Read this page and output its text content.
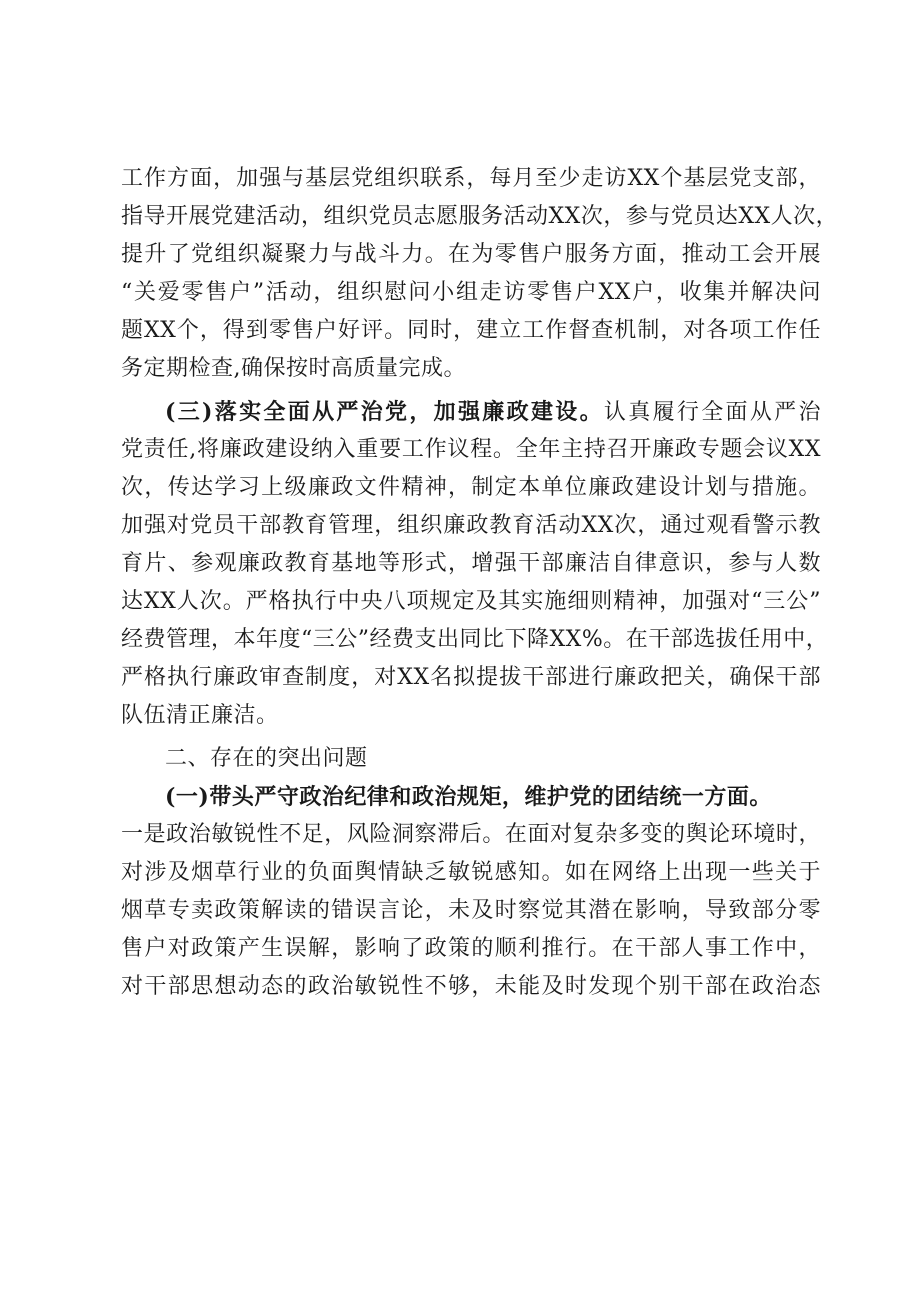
工作方面，加强与基层党组织联系，每月至少走访XX个基层党支部，
指导开展党建活动，组织党员志愿服务活动XX次，参与党员达XX人次，
提升了党组织凝聚力与战斗力。在为零售户服务方面，推动工会开展
“关爱零售户”活动，组织慰问小组走访零售户XX户，收集并解决问
题XX个，得到零售户好评。同时，建立工作督查机制，对各项工作任
务定期检查,确保按时高质量完成。
(三)落实全面从严治党，加强廉政建设。认真履行全面从严治
党责任,将廉政建设纳入重要工作议程。全年主持召开廉政专题会议XX
次，传达学习上级廉政文件精神，制定本单位廉政建设计划与措施。
加强对党员干部教育管理，组织廉政教育活动XX次，通过观看警示教
育片、参观廉政教育基地等形式，增强干部廉洁自律意识，参与人数
达XX人次。严格执行中央八项规定及其实施细则精神，加强对“三公”
经费管理，本年度“三公”经费支出同比下降XX%。在干部选拔任用中，
严格执行廉政审查制度，对XX名拟提拔干部进行廉政把关，确保干部
队伍清正廉洁。
二、存在的突出问题
(一)带头严守政治纪律和政治规矩，维护党的团结统一方面。
一是政治敏锐性不足，风险洞察滞后。在面对复杂多变的舆论环境时，
对涉及烟草行业的负面舆情缺乏敏锐感知。如在网络上出现一些关于
烟草专卖政策解读的错误言论，未及时察觉其潜在影响，导致部分零
售户对政策产生误解，影响了政策的顺利推行。在干部人事工作中，
对干部思想动态的政治敏锐性不够，未能及时发现个别干部在政治态
